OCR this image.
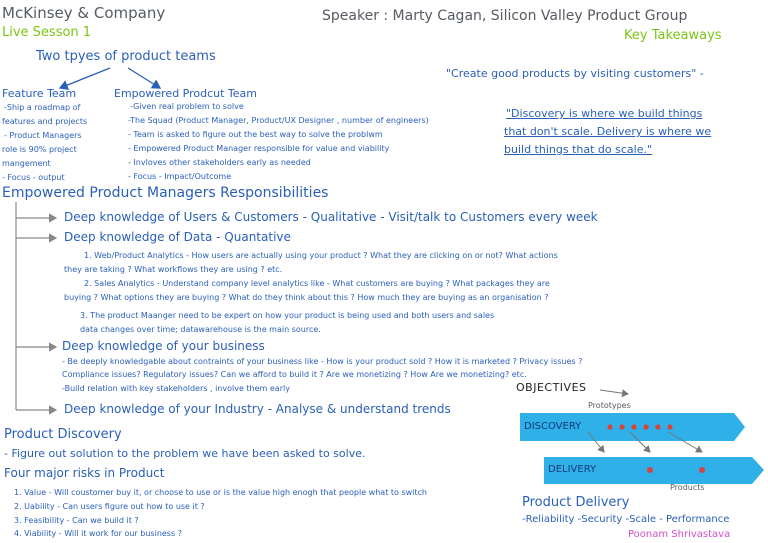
McKinsey & Company
Live Sesson 1
Speaker : Marty Cagan, Silicon Valley Product Group
Key Takeaways
Two tpyes of product teams
Feature Team
-Ship a roadmap of
features and projects
- Product Managers
role is 90% project
mangement
- Focus - output
Empowered Prodcut Team
-Given real problem to solve
-The Squad (Product Manager, Product/UX Designer , number of engineers)
- Team is asked to figure out the best way to solve the problwm
- Empowered Product Manager responsible for value and viability
- Invloves other stakeholders early as needed
- Focus - Impact/Outcome
"Create good products by visiting customers" -
"Discovery is where we build things
that don't scale. Delivery is where we
build things that do scale."
Empowered Product Managers Responsibilities
Deep knowledge of Users & Customers - Qualitative - Visit/talk to Customers every week
Deep knowledge of Data - Quantative
1. Web/Product Analytics - How users are actually using your product ? What they are clicking on or not? What actions
they are taking ? What workflows they are using ? etc.
2. Sales Analytics - Understand company level analytics like - What customers are buying ? What packages they are
buying ? What options they are buying ? What do they think about this ? How much they are buying as an organisation ?
3. The product Maanger need to be expert on how your product is being used and both users and sales
data changes over time; datawarehouse is the main source.
Deep knowledge of your business
- Be deeply knowledgable about contraints of your business like - How is your product sold ? How it is marketed ? Privacy issues ?
Compliance issues? Regulatory issues? Can we afford to build it ? Are we monetizing ? How Are we monetizing? etc.
-Build relation with key stakeholders , involve them early
Deep knowledge of your Industry - Analyse & understand trends
Product Discovery
- Figure out solution to the problem we have been asked to solve.
Four major risks in Product
1. Value - Will coustomer buy it, or choose to use or is the value high enogh that people what to switch
2. Uability - Can users figure out how to use it ?
3. Feasibility - Can we build it ?
4. Viability - Will it work for our business ?
OBJECTIVES
Prototypes
DISCOVERY
DELIVERY
Products
Product Delivery
-Reliability -Security -Scale - Performance
Poonam Shrivastava
